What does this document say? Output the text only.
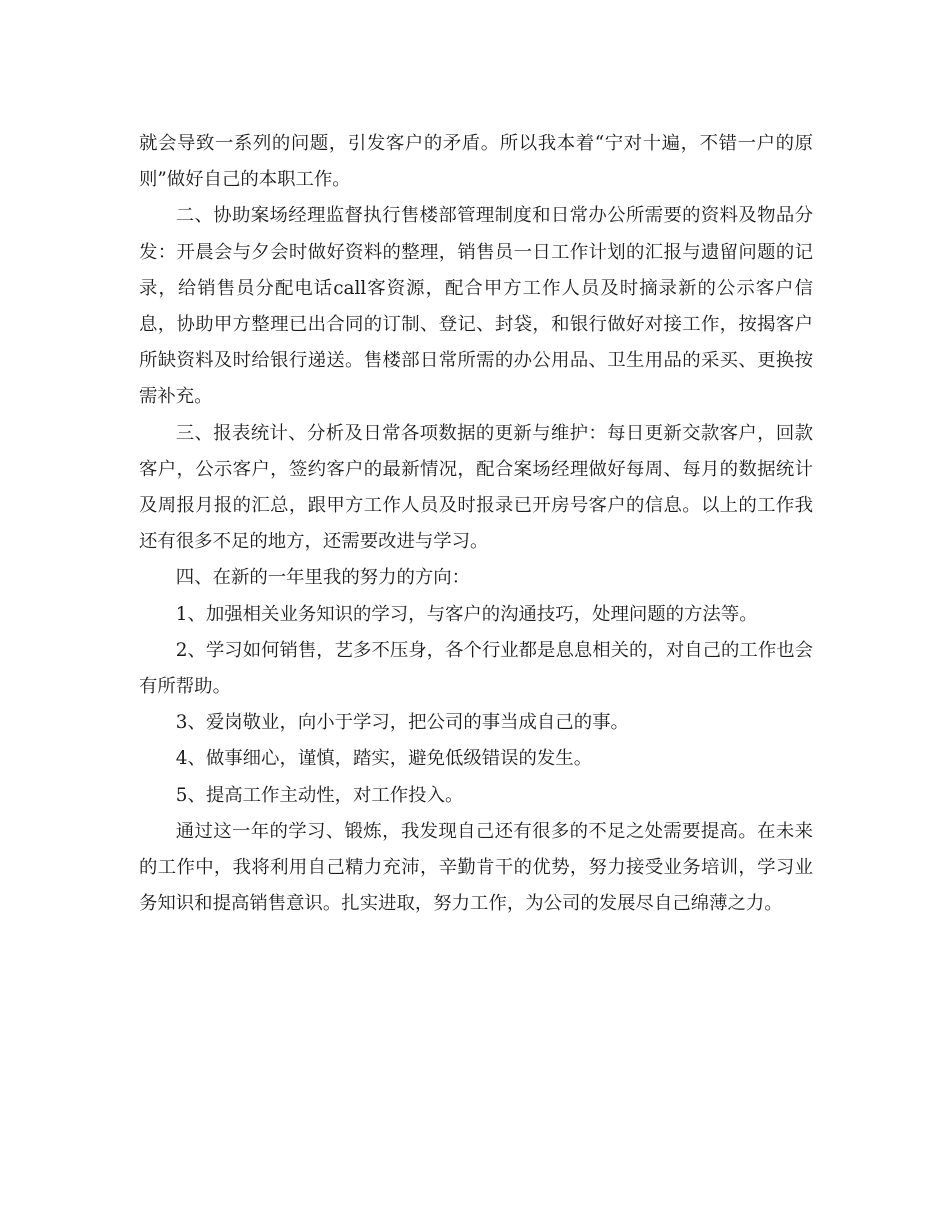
就会导致一系列的问题，引发客户的矛盾。所以我本着“宁对十遍，不错一户的原则”做好自己的本职工作。

二、协助案场经理监督执行售楼部管理制度和日常办公所需要的资料及物品分发：开晨会与夕会时做好资料的整理，销售员一日工作计划的汇报与遗留问题的记录，给销售员分配电话call客资源，配合甲方工作人员及时摘录新的公示客户信息，协助甲方整理已出合同的订制、登记、封袋，和银行做好对接工作，按揭客户所缺资料及时给银行递送。售楼部日常所需的办公用品、卫生用品的采买、更换按需补充。

三、报表统计、分析及日常各项数据的更新与维护：每日更新交款客户，回款客户，公示客户，签约客户的最新情况，配合案场经理做好每周、每月的数据统计及周报月报的汇总，跟甲方工作人员及时报录已开房号客户的信息。以上的工作我还有很多不足的地方，还需要改进与学习。

四、在新的一年里我的努力的方向：

1、加强相关业务知识的学习，与客户的沟通技巧，处理问题的方法等。

2、学习如何销售，艺多不压身，各个行业都是息息相关的，对自己的工作也会有所帮助。

3、爱岗敬业，向小于学习，把公司的事当成自己的事。

4、做事细心，谨慎，踏实，避免低级错误的发生。

5、提高工作主动性，对工作投入。

通过这一年的学习、锻炼，我发现自己还有很多的不足之处需要提高。在未来的工作中，我将利用自己精力充沛，辛勤肯干的优势，努力接受业务培训，学习业务知识和提高销售意识。扎实进取，努力工作，为公司的发展尽自己绵薄之力。
